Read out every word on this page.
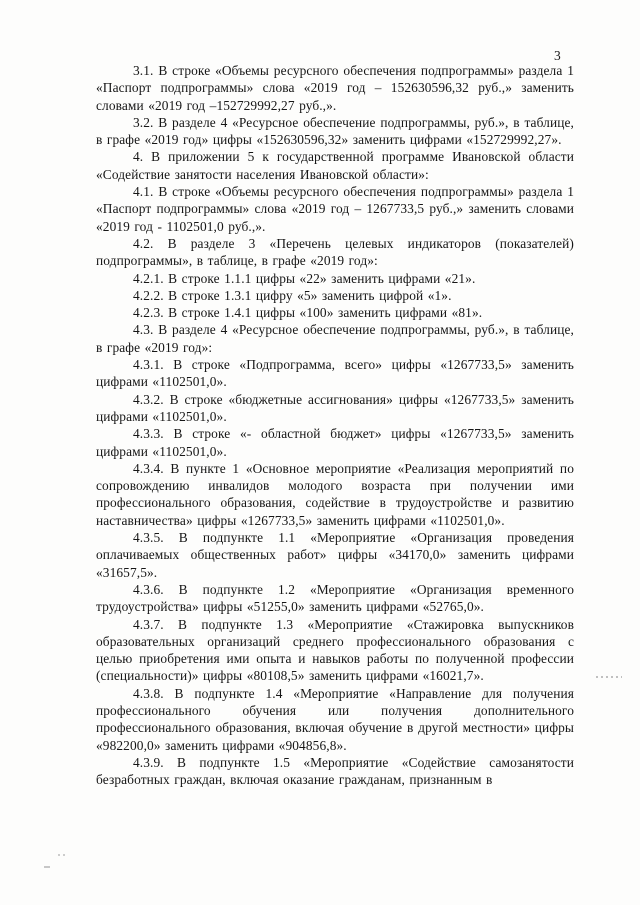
3

3.1. В строке «Объемы ресурсного обеспечения подпрограммы» раздела 1 «Паспорт подпрограммы» слова «2019 год – 152630596,32 руб.,» заменить словами «2019 год –152729992,27 руб.,».

3.2. В разделе 4 «Ресурсное обеспечение подпрограммы, руб.», в таблице, в графе «2019 год» цифры «152630596,32» заменить цифрами «152729992,27».

4. В приложении 5 к государственной программе Ивановской области «Содействие занятости населения Ивановской области»:

4.1. В строке «Объемы ресурсного обеспечения подпрограммы» раздела 1 «Паспорт подпрограммы» слова «2019 год – 1267733,5 руб.,» заменить словами «2019 год - 1102501,0 руб.,».

4.2. В разделе 3 «Перечень целевых индикаторов (показателей) подпрограммы», в таблице, в графе «2019 год»:

4.2.1. В строке 1.1.1 цифры «22» заменить цифрами «21».

4.2.2. В строке 1.3.1 цифру «5» заменить цифрой «1».

4.2.3. В строке 1.4.1 цифры «100» заменить цифрами «81».

4.3. В разделе 4 «Ресурсное обеспечение подпрограммы, руб.», в таблице, в графе «2019 год»:

4.3.1. В строке «Подпрограмма, всего» цифры «1267733,5» заменить цифрами «1102501,0».

4.3.2. В строке «бюджетные ассигнования» цифры «1267733,5» заменить цифрами «1102501,0».

4.3.3. В строке «- областной бюджет» цифры «1267733,5» заменить цифрами «1102501,0».

4.3.4. В пункте 1 «Основное мероприятие «Реализация мероприятий по сопровождению инвалидов молодого возраста при получении ими профессионального образования, содействие в трудоустройстве и развитию наставничества» цифры «1267733,5» заменить цифрами «1102501,0».

4.3.5. В подпункте 1.1 «Мероприятие «Организация проведения оплачиваемых общественных работ» цифры «34170,0» заменить цифрами «31657,5».

4.3.6. В подпункте 1.2 «Мероприятие «Организация временного трудоустройства» цифры «51255,0» заменить цифрами «52765,0».

4.3.7. В подпункте 1.3 «Мероприятие «Стажировка выпускников образовательных организаций среднего профессионального образования с целью приобретения ими опыта и навыков работы по полученной профессии (специальности)» цифры «80108,5» заменить цифрами «16021,7».

4.3.8. В подпункте 1.4 «Мероприятие «Направление для получения профессионального обучения или получения дополнительного профессионального образования, включая обучение в другой местности» цифры «982200,0» заменить цифрами «904856,8».

4.3.9. В подпункте 1.5 «Мероприятие «Содействие самозанятости безработных граждан, включая оказание гражданам, признанным в
